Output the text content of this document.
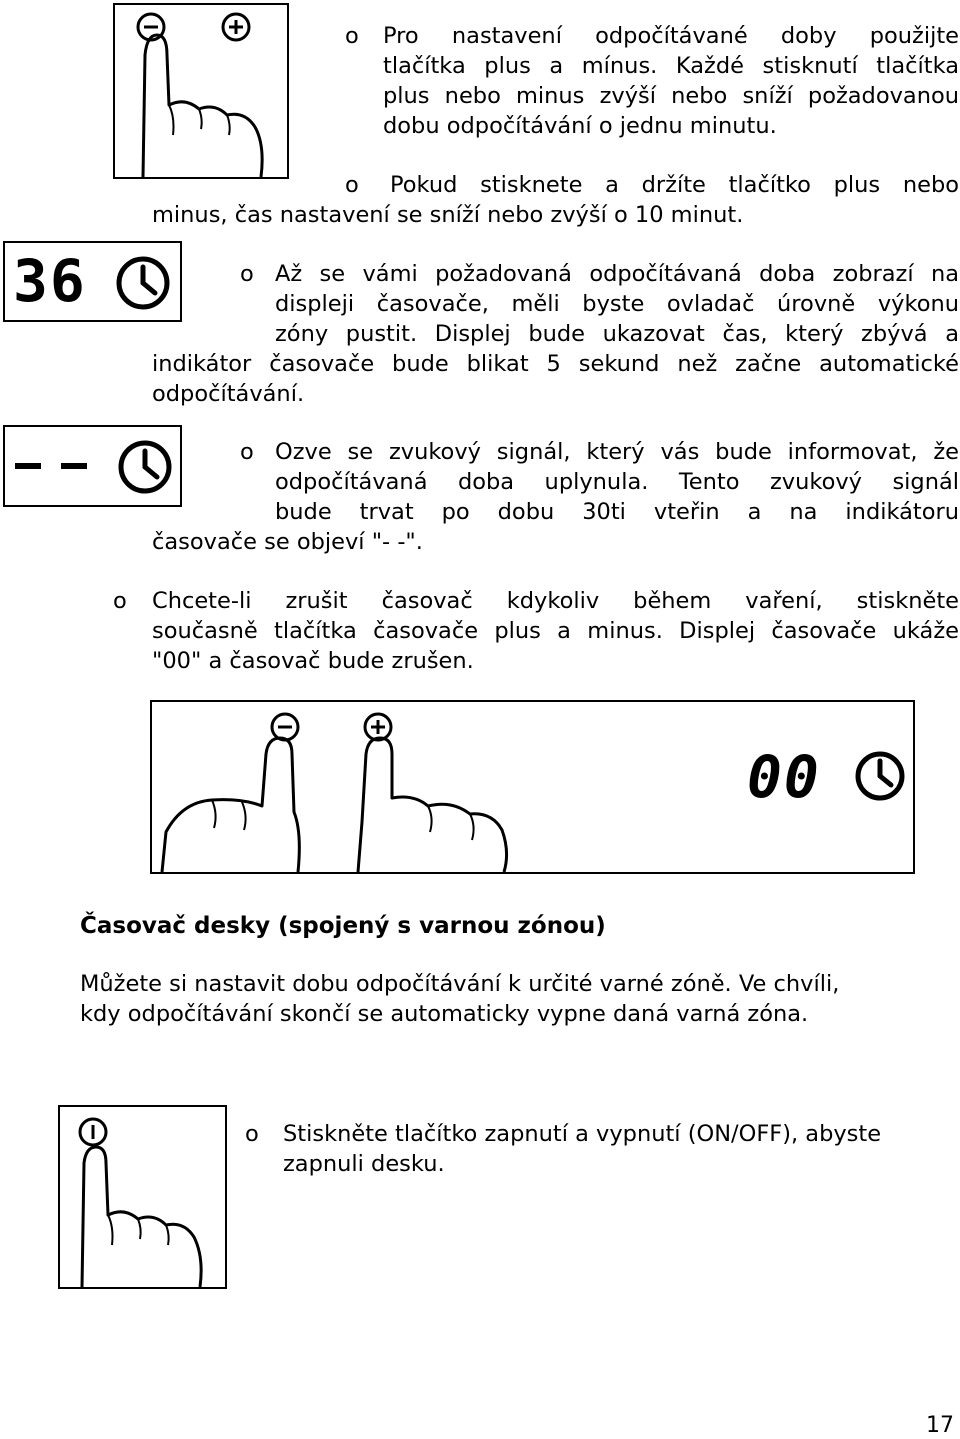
o Pro nastavení odpočítávané doby použijte
tlačítka plus a mínus. Každé stisknutí tlačítka
plus nebo minus zvýší nebo sníží požadovanou
dobu odpočítávání o jednu minutu.
o Pokud stisknete a držíte tlačítko plus nebo
minus, čas nastavení se sníží nebo zvýší o 10 minut.
36	o Až se vámi požadovaná odpočítávaná doba zobrazí na
displeji časovače, měli byste ovladač úrovně výkonu
zóny pustit. Displej bude ukazovat čas, který zbývá a
indikátor časovače bude blikat 5 sekund než začne automatické
odpočítávání.
o Ozve se zvukový signál, který vás bude informovat, že
odpočítávaná doba uplynula. Tento zvukový signál
bude trvat po dobu 30ti vteřin a na indikátoru
časovače se objeví "- -".
o Chcete-li zrušit časovač kdykoliv během vaření, stiskněte
současně tlačítka časovače plus a minus. Displej časovače ukáže
"00" a časovač bude zrušen.
00
Časovač desky (spojený s varnou zónou)
Můžete si nastavit dobu odpočítávání k určité varné zóně. Ve chvíli,
kdy odpočítávání skončí se automaticky vypne daná varná zóna.
o Stiskněte tlačítko zapnutí a vypnutí (ON/OFF), abyste
zapnuli desku.
17
